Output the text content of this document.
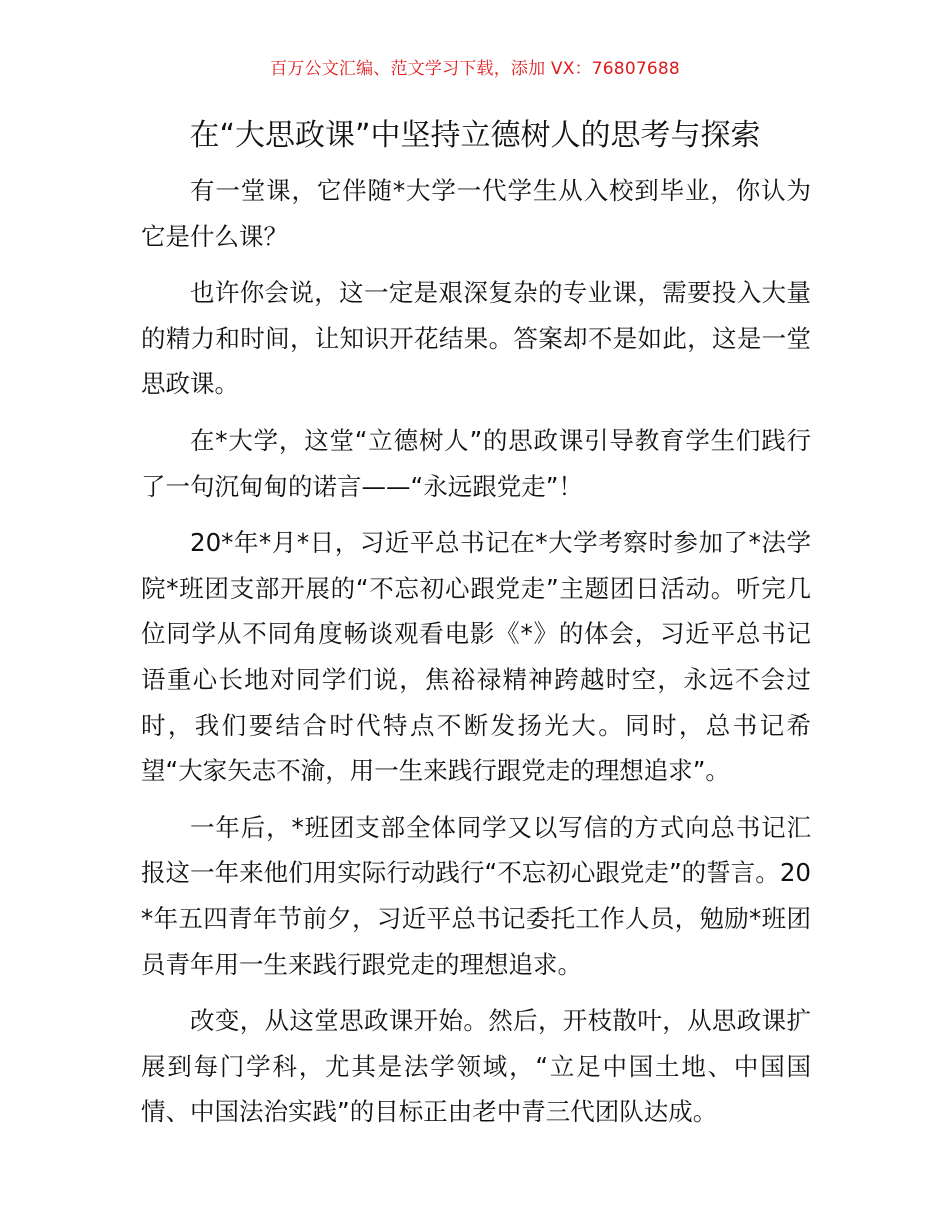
百万公文汇编、范文学习下载，添加 VX：76807688
在“大思政课”中坚持立德树人的思考与探索

有一堂课，它伴随*大学一代学生从入校到毕业，你认为它是什么课？

也许你会说，这一定是艰深复杂的专业课，需要投入大量的精力和时间，让知识开花结果。答案却不是如此，这是一堂思政课。

在*大学，这堂“立德树人”的思政课引导教育学生们践行了一句沉甸甸的诺言——“永远跟党走”！

20*年*月*日，习近平总书记在*大学考察时参加了*法学院*班团支部开展的“不忘初心跟党走”主题团日活动。听完几位同学从不同角度畅谈观看电影《*》的体会，习近平总书记语重心长地对同学们说，焦裕禄精神跨越时空，永远不会过时，我们要结合时代特点不断发扬光大。同时，总书记希望“大家矢志不渝，用一生来践行跟党走的理想追求”。

一年后，*班团支部全体同学又以写信的方式向总书记汇报这一年来他们用实际行动践行“不忘初心跟党走”的誓言。20*年五四青年节前夕，习近平总书记委托工作人员，勉励*班团员青年用一生来践行跟党走的理想追求。

改变，从这堂思政课开始。然后，开枝散叶，从思政课扩展到每门学科，尤其是法学领域，“立足中国土地、中国国情、中国法治实践”的目标正由老中青三代团队达成。
